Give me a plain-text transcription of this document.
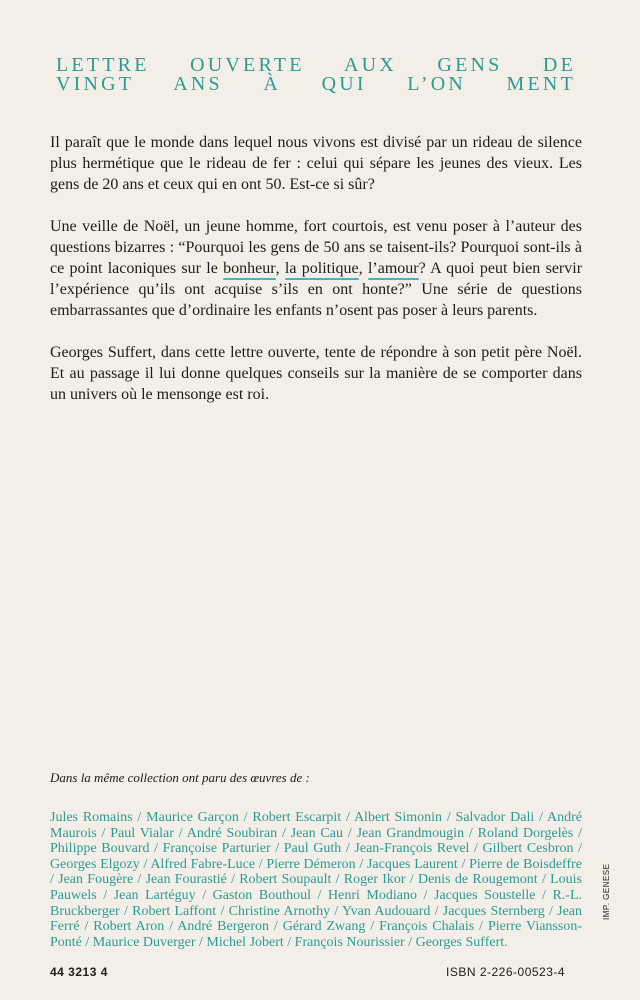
LETTRE OUVERTE AUX GENS DE
VINGT ANS À QUI L’ON MENT

Il paraît que le monde dans lequel nous vivons est divisé par un rideau de silence plus hermétique que le rideau de fer : celui qui sépare les jeunes des vieux. Les gens de 20 ans et ceux qui en ont 50. Est-ce si sûr?

Une veille de Noël, un jeune homme, fort courtois, est venu poser à l’auteur des questions bizarres : “Pourquoi les gens de 50 ans se taisent-ils? Pourquoi sont-ils à ce point laconiques sur le bonheur, la politique, l’amour? A quoi peut bien servir l’expérience qu’ils ont acquise s’ils en ont honte?” Une série de questions embarrassantes que d’ordinaire les enfants n’osent pas poser à leurs parents.

Georges Suffert, dans cette lettre ouverte, tente de répondre à son petit père Noël. Et au passage il lui donne quelques conseils sur la manière de se comporter dans un univers où le mensonge est roi.

Dans la même collection ont paru des œuvres de :
Jules Romains / Maurice Garçon / Robert Escarpit / Albert Simonin / Salvador Dali / André Maurois / Paul Vialar / André Soubiran / Jean Cau / Jean Grandmougin / Roland Dorgelès / Philippe Bouvard / Françoise Parturier / Paul Guth / Jean-François Revel / Gilbert Cesbron / Georges Elgozy / Alfred Fabre-Luce / Pierre Démeron / Jacques Laurent / Pierre de Boisdeffre / Jean Fougère / Jean Fourastié / Robert Soupault / Roger Ikor / Denis de Rougemont / Louis Pauwels / Jean Lartéguy / Gaston Bouthoul / Henri Modiano / Jacques Soustelle / R.-L. Bruckberger / Robert Laffont / Christine Arnothy / Yvan Audouard / Jacques Sternberg / Jean Ferré / Robert Aron / André Bergeron / Gérard Zwang / François Chalais / Pierre Viansson-Ponté / Maurice Duverger / Michel Jobert / François Nourissier / Georges Suffert.
44 3213 4	ISBN 2-226-00523-4
IMP. GENESE
